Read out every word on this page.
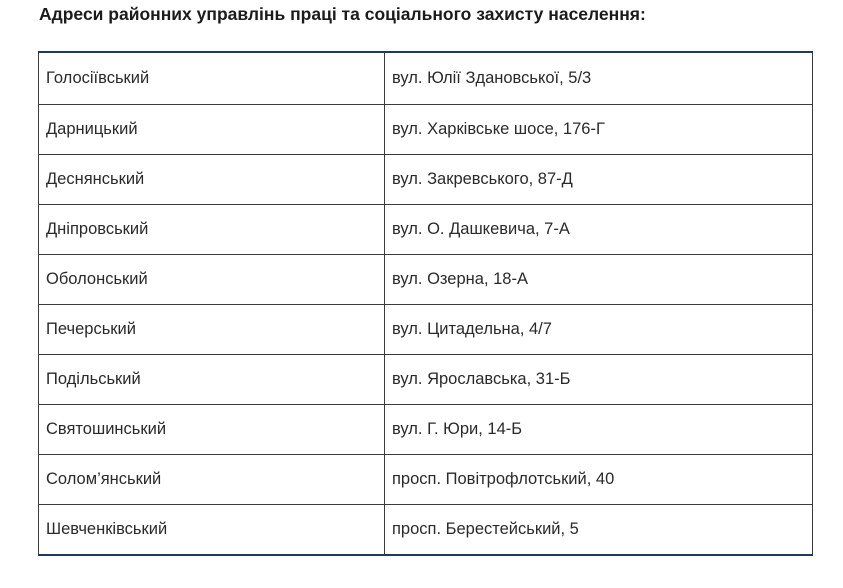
Адреси районних управлінь праці та соціального захисту населення:
Голосіївський	вул. Юлії Здановської, 5/3
Дарницький	вул. Харківське шосе, 176-Г
Деснянський	вул. Закревського, 87-Д
Дніпровський	вул. О. Дашкевича, 7-А
Оболонський	вул. Озерна, 18-А
Печерський	вул. Цитадельна, 4/7
Подільський	вул. Ярославська, 31-Б
Святошинський	вул. Г. Юри, 14-Б
Солом’янський	просп. Повітрофлотський, 40
Шевченківський	просп. Берестейський, 5
